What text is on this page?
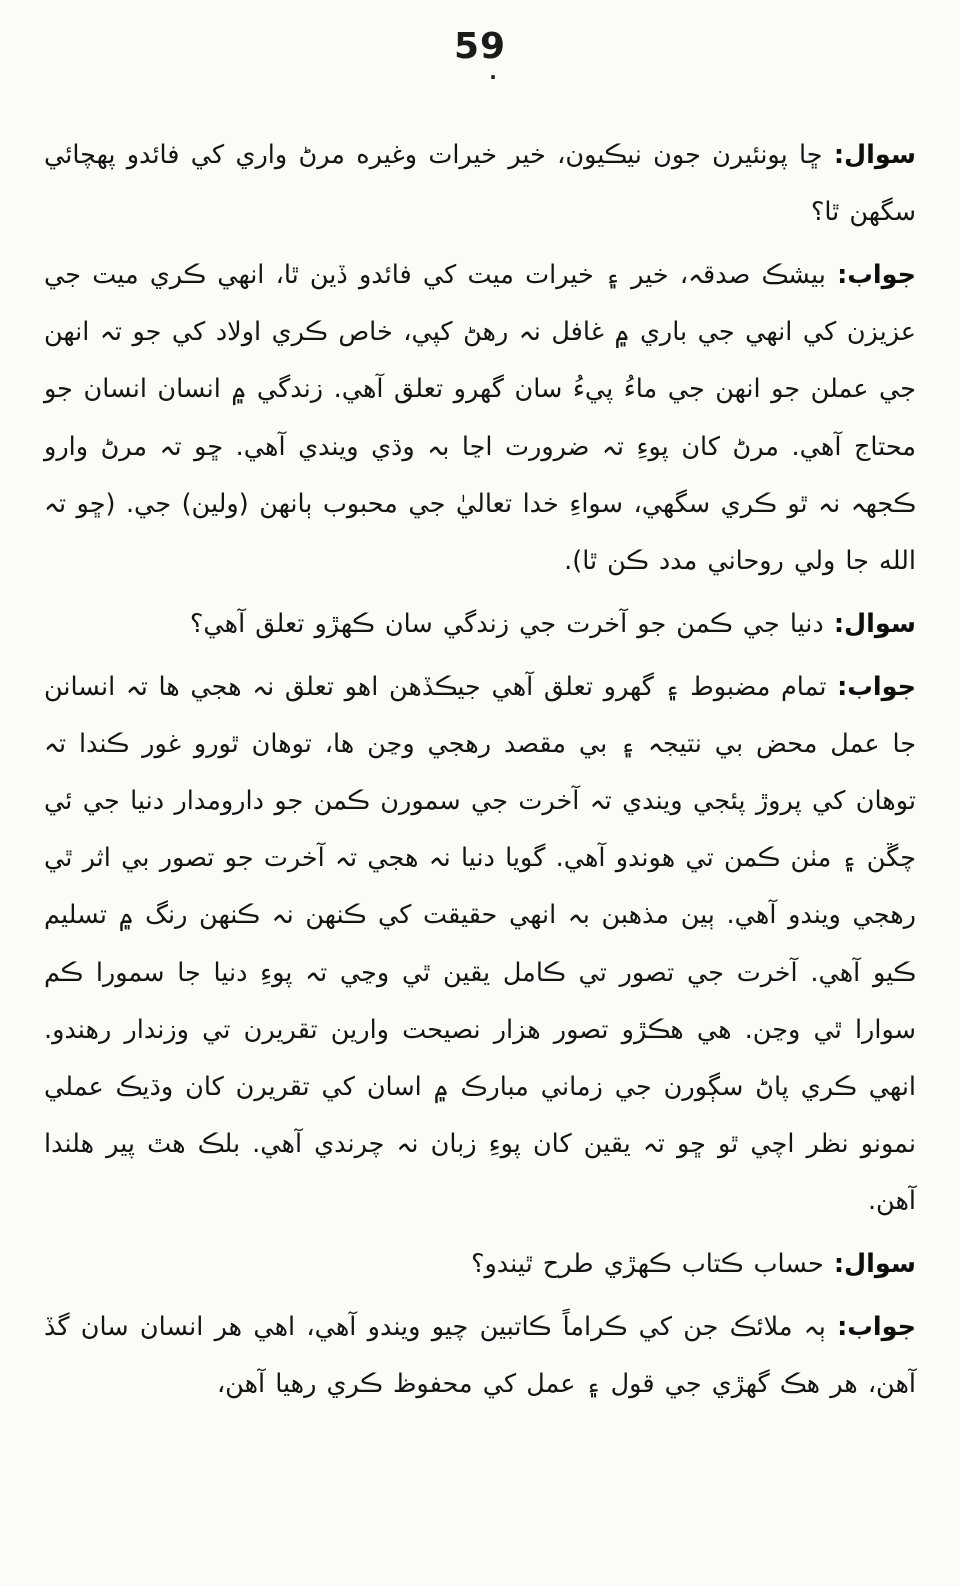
59
.

سوال: ڇا پونئيرن جون نيڪيون، خير خيرات وغيره مرڻ واري کي فائدو پهچائي سگهن ٿا؟

جواب: بيشڪ صدقہ، خير ۽ خيرات ميت کي فائدو ڏين ٿا، انهي ڪري ميت جي عزيزن کي انهي جي باري ۾ غافل نہ رهڻ کپي، خاص ڪري اولاد کي جو تہ انهن جي عملن جو انهن جي ماءُ پيءُ سان گهرو تعلق آهي. زندگي ۾ انسان انسان جو محتاج آهي. مرڻ کان پوءِ تہ ضرورت اڃا بہ وڌي ويندي آهي. ڇو تہ مرڻ وارو ڪجهہ نہ ٿو ڪري سگهي، سواءِ خدا تعاليٰ جي محبوب ٻانهن (ولين) جي. (ڇو تہ الله جا ولي روحاني مدد ڪن ٿا).

سوال: دنيا جي ڪمن جو آخرت جي زندگي سان ڪهڙو تعلق آهي؟

جواب: تمام مضبوط ۽ گهرو تعلق آهي جيڪڏهن اهو تعلق نہ هجي ها تہ انسانن جا عمل محض بي نتيجہ ۽ بي مقصد رهجي وڃن ها، توهان ٿورو غور ڪندا تہ توهان کي پروڙ پئجي ويندي تہ آخرت جي سمورن ڪمن جو دارومدار دنيا جي ئي چڱن ۽ مٺن ڪمن تي هوندو آهي. گويا دنيا نہ هجي تہ آخرت جو تصور بي اثر ٿي رهجي ويندو آهي. ٻين مذهبن بہ انهي حقيقت کي ڪنهن نہ ڪنهن رنگ ۾ تسليم ڪيو آهي. آخرت جي تصور تي ڪامل يقين ٿي وڃي تہ پوءِ دنيا جا سمورا ڪم سوارا ٿي وڃن. هي هڪڙو تصور هزار نصيحت وارين تقريرن تي وزندار رهندو. انهي ڪري پاڻ سڳورن جي زماني مبارڪ ۾ اسان کي تقريرن کان وڌيڪ عملي نمونو نظر اچي ٿو ڇو تہ يقين کان پوءِ زبان نہ چرندي آهي. بلڪ هٿ پير هلندا آهن.

سوال: حساب ڪتاب ڪهڙي طرح ٿيندو؟

جواب: ٻہ ملائڪ جن کي ڪراماً ڪاتبين چيو ويندو آهي، اهي هر انسان سان گڏ آهن، هر هڪ گهڙي جي قول ۽ عمل کي محفوظ ڪري رهيا آهن،
